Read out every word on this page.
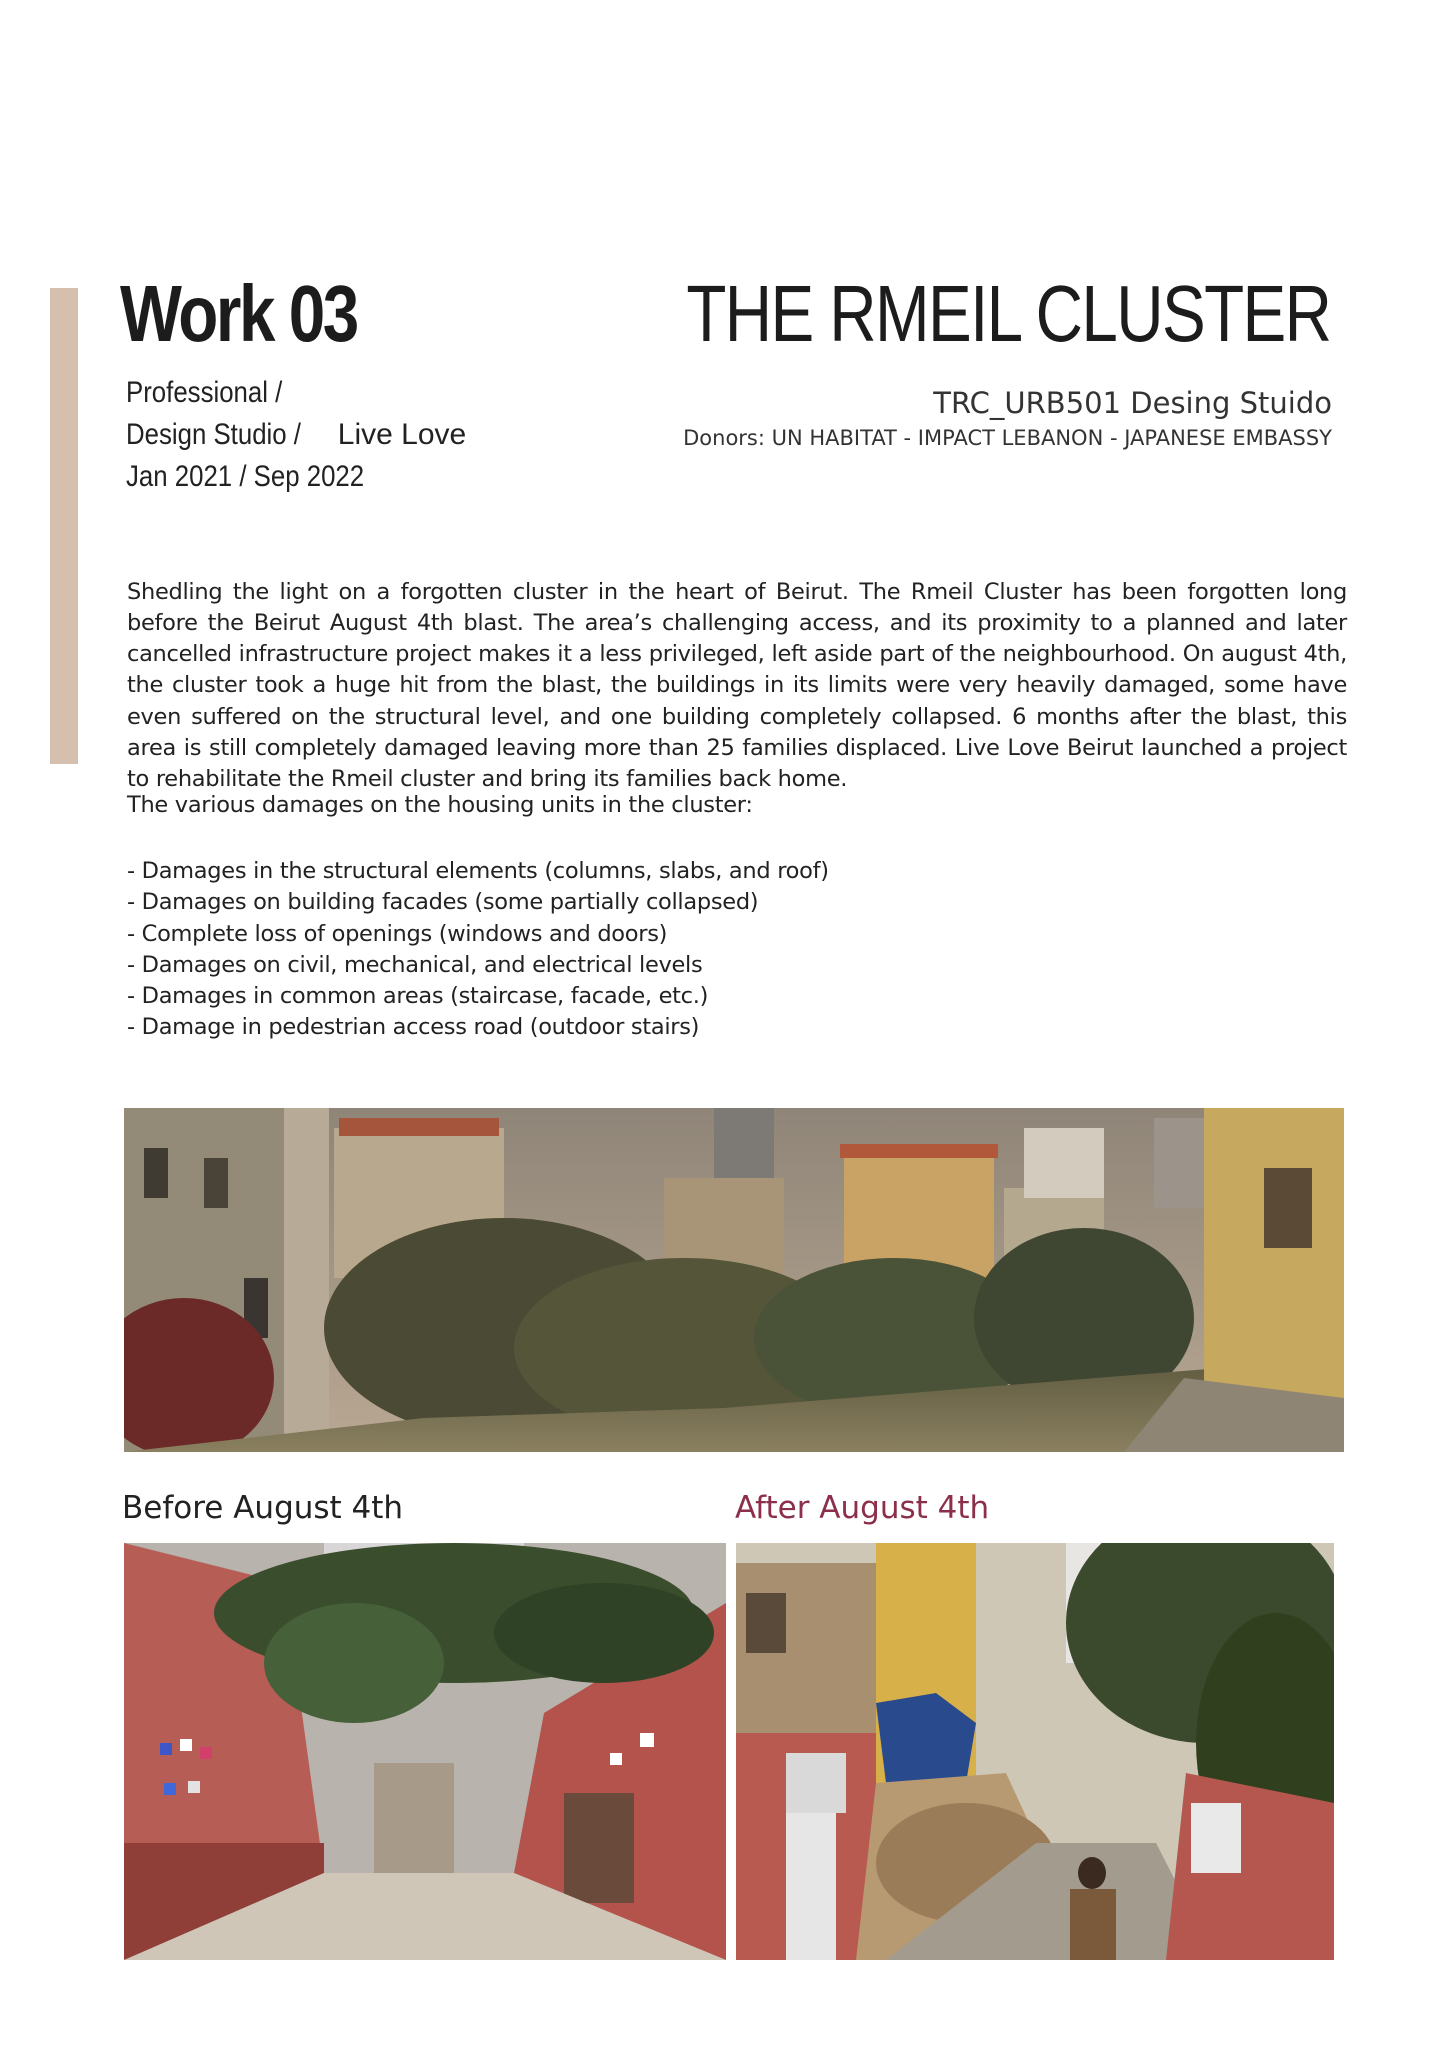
Work 03
Professional /
Design Studio / Live Love
Jan 2021 / Sep 2022
THE RMEIL CLUSTER
TRC_URB501 Desing Stuido
Donors: UN HABITAT - IMPACT LEBANON - JAPANESE EMBASSY

Shedling the light on a forgotten cluster in the heart of Beirut. The Rmeil Cluster has been forgotten long before the Beirut August 4th blast. The area’s challenging access, and its proximity to a planned and later cancelled infrastructure project makes it a less privileged, left aside part of the neighbourhood. On august 4th, the cluster took a huge hit from the blast, the buildings in its limits were very heavily damaged, some have even suffered on the structural level, and one building completely collapsed. 6 months after the blast, this area is still completely damaged leaving more than 25 families displaced. Live Love Beirut launched a project to rehabilitate the Rmeil cluster and bring its families back home.

The various damages on the housing units in the cluster:
- Damages in the structural elements (columns, slabs, and roof)
- Damages on building facades (some partially collapsed)
- Complete loss of openings (windows and doors)
- Damages on civil, mechanical, and electrical levels
- Damages in common areas (staircase, facade, etc.)
- Damage in pedestrian access road (outdoor stairs)
Before August 4th	After August 4th
